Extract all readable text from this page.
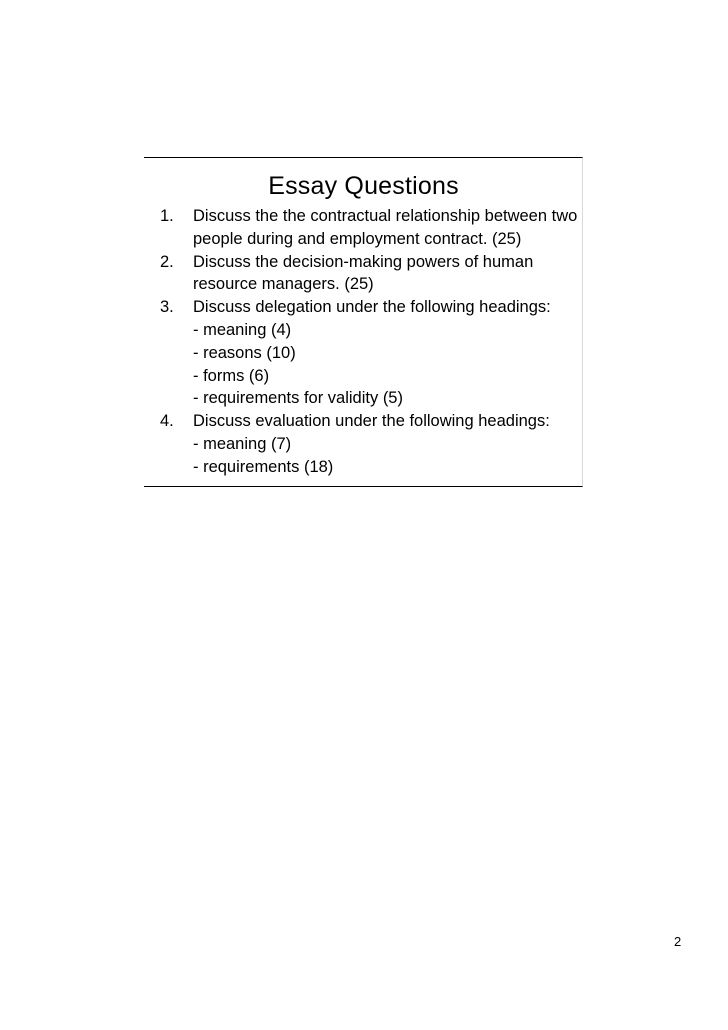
Essay Questions
1. Discuss the the contractual relationship between two people during and employment contract. (25)
2. Discuss the decision-making powers of human resource managers. (25)
3. Discuss delegation under the following headings:
- meaning (4)
- reasons (10)
- forms (6)
- requirements for validity (5)
4. Discuss evaluation under the following headings:
- meaning (7)
- requirements (18)
2
